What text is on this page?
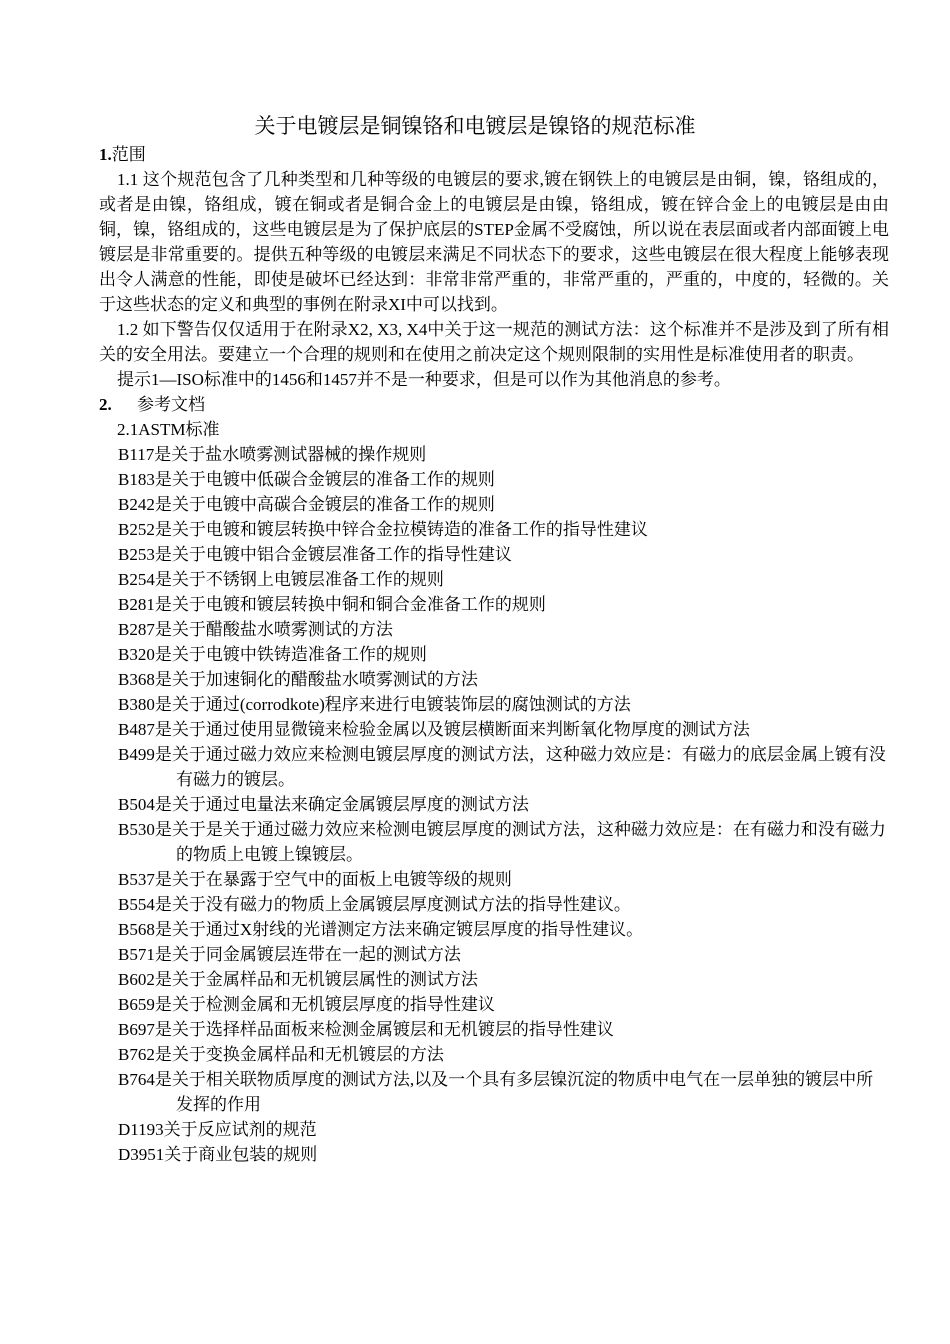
关于电镀层是铜镍铬和电镀层是镍铬的规范标准

1.范围

1.1 这个规范包含了几种类型和几种等级的电镀层的要求,镀在钢铁上的电镀层是由铜，镍，铬组成的，或者是由镍，铬组成，镀在铜或者是铜合金上的电镀层是由镍，铬组成，镀在锌合金上的电镀层是由由铜，镍，铬组成的，这些电镀层是为了保护底层的STEP金属不受腐蚀，所以说在表层面或者内部面镀上电镀层是非常重要的。提供五种等级的电镀层来满足不同状态下的要求，这些电镀层在很大程度上能够表现出令人满意的性能，即使是破坏已经达到：非常非常严重的，非常严重的，严重的，中度的，轻微的。关于这些状态的定义和典型的事例在附录XI中可以找到。

1.2 如下警告仅仅适用于在附录X2, X3, X4中关于这一规范的测试方法：这个标准并不是涉及到了所有相关的安全用法。要建立一个合理的规则和在使用之前决定这个规则限制的实用性是标准使用者的职责。

提示1—ISO标准中的1456和1457并不是一种要求，但是可以作为其他消息的参考。

2. 参考文档

2.1ASTM标准

B117是关于盐水喷雾测试器械的操作规则

B183是关于电镀中低碳合金镀层的准备工作的规则

B242是关于电镀中高碳合金镀层的准备工作的规则

B252是关于电镀和镀层转换中锌合金拉模铸造的准备工作的指导性建议

B253是关于电镀中铝合金镀层准备工作的指导性建议

B254是关于不锈钢上电镀层准备工作的规则

B281是关于电镀和镀层转换中铜和铜合金准备工作的规则

B287是关于醋酸盐水喷雾测试的方法

B320是关于电镀中铁铸造准备工作的规则

B368是关于加速铜化的醋酸盐水喷雾测试的方法

B380是关于通过(corrodkote)程序来进行电镀装饰层的腐蚀测试的方法

B487是关于通过使用显微镜来检验金属以及镀层横断面来判断氧化物厚度的测试方法

B499是关于通过磁力效应来检测电镀层厚度的测试方法，这种磁力效应是：有磁力的底层金属上镀有没有磁力的镀层。

B504是关于通过电量法来确定金属镀层厚度的测试方法

B530是关于是关于通过磁力效应来检测电镀层厚度的测试方法，这种磁力效应是：在有磁力和没有磁力的物质上电镀上镍镀层。

B537是关于在暴露于空气中的面板上电镀等级的规则

B554是关于没有磁力的物质上金属镀层厚度测试方法的指导性建议。

B568是关于通过X射线的光谱测定方法来确定镀层厚度的指导性建议。

B571是关于同金属镀层连带在一起的测试方法

B602是关于金属样品和无机镀层属性的测试方法

B659是关于检测金属和无机镀层厚度的指导性建议

B697是关于选择样品面板来检测金属镀层和无机镀层的指导性建议

B762是关于变换金属样品和无机镀层的方法

B764是关于相关联物质厚度的测试方法,以及一个具有多层镍沉淀的物质中电气在一层单独的镀层中所发挥的作用

D1193关于反应试剂的规范

D3951关于商业包装的规则
